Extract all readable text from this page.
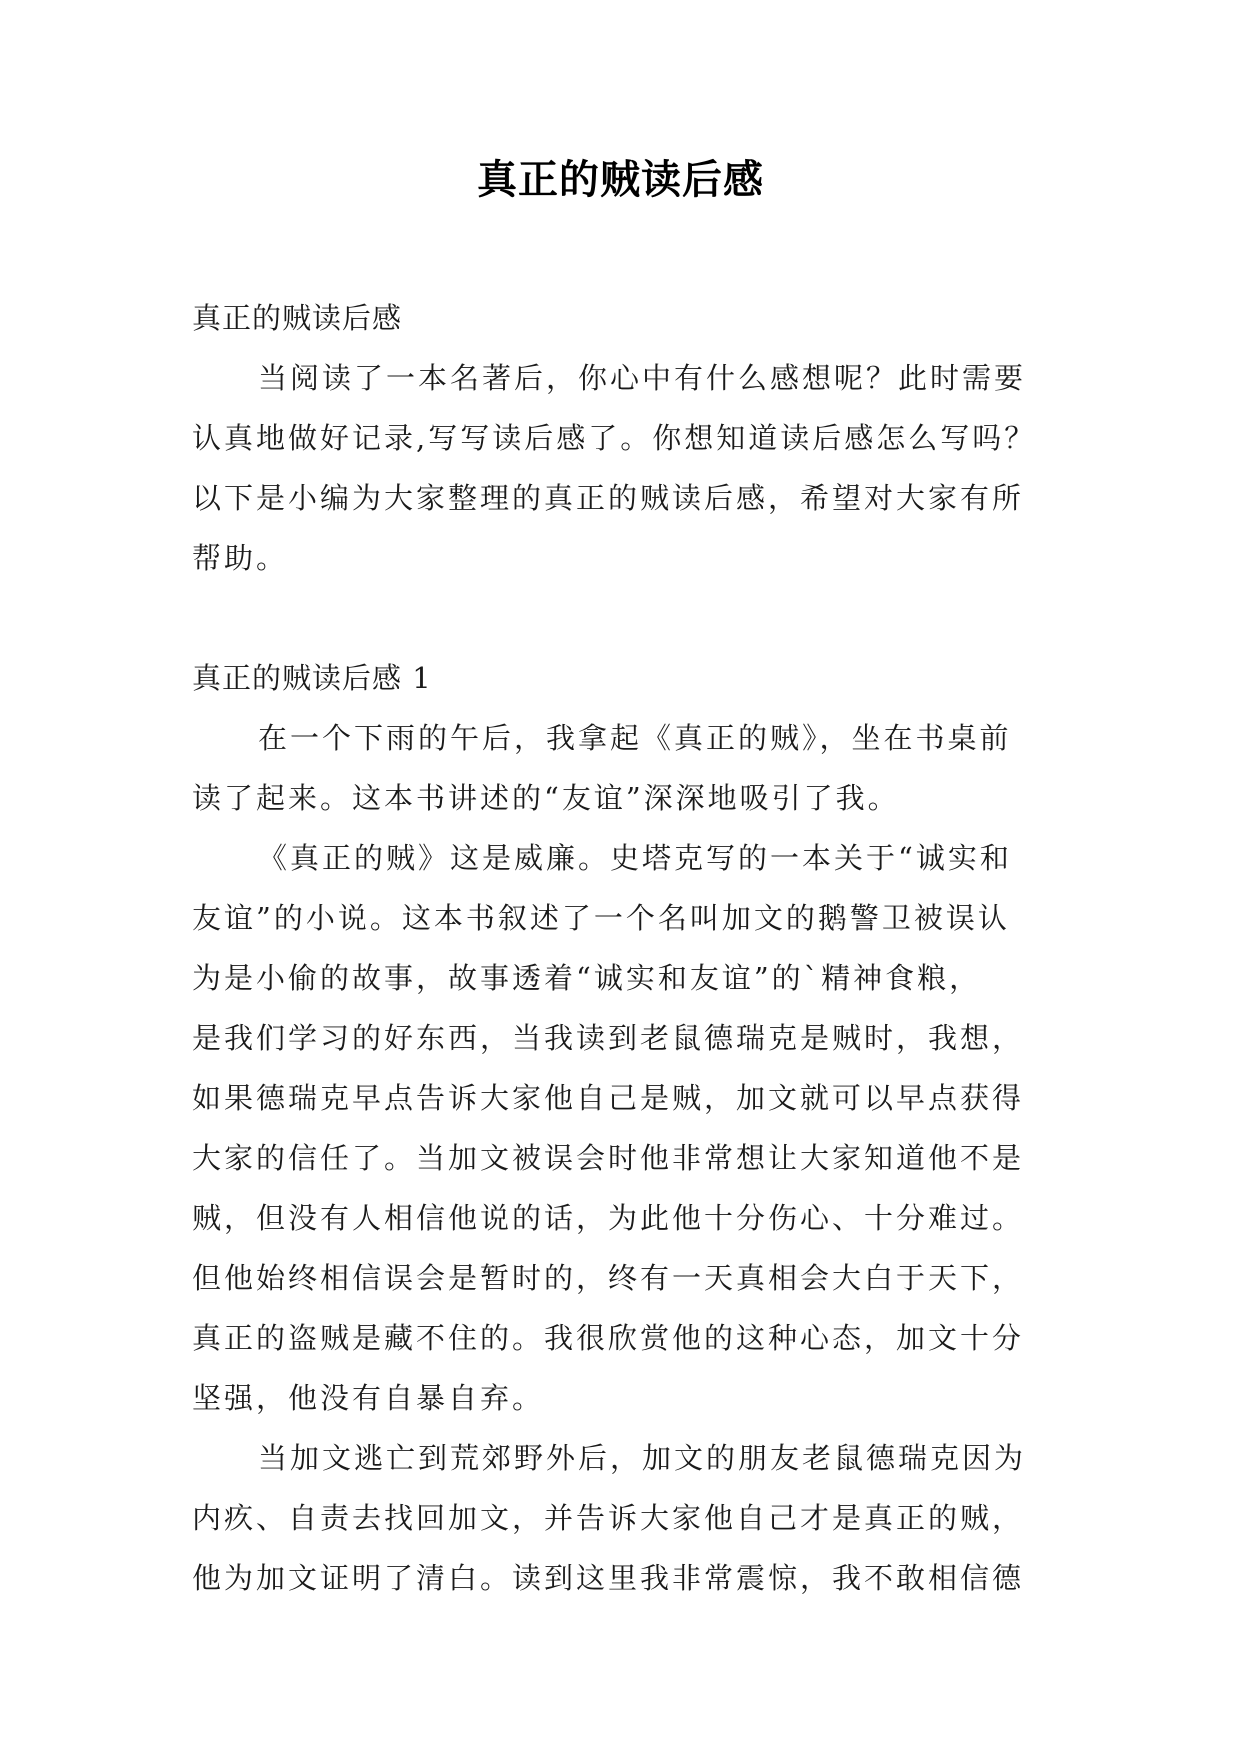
真正的贼读后感
真正的贼读后感
当阅读了一本名著后，你心中有什么感想呢？此时需要
认真地做好记录,写写读后感了。你想知道读后感怎么写吗？
以下是小编为大家整理的真正的贼读后感，希望对大家有所
帮助。
真正的贼读后感 1
在一个下雨的午后，我拿起《真正的贼》，坐在书桌前
读了起来。这本书讲述的“友谊”深深地吸引了我。
《真正的贼》这是威廉。史塔克写的一本关于“诚实和
友谊”的小说。这本书叙述了一个名叫加文的鹅警卫被误认
为是小偷的故事，故事透着“诚实和友谊”的`精神食粮，
是我们学习的好东西，当我读到老鼠德瑞克是贼时，我想，
如果德瑞克早点告诉大家他自己是贼，加文就可以早点获得
大家的信任了。当加文被误会时他非常想让大家知道他不是
贼，但没有人相信他说的话，为此他十分伤心、十分难过。
但他始终相信误会是暂时的，终有一天真相会大白于天下，
真正的盗贼是藏不住的。我很欣赏他的这种心态，加文十分
坚强，他没有自暴自弃。
当加文逃亡到荒郊野外后，加文的朋友老鼠德瑞克因为
内疚、自责去找回加文，并告诉大家他自己才是真正的贼，
他为加文证明了清白。读到这里我非常震惊，我不敢相信德
